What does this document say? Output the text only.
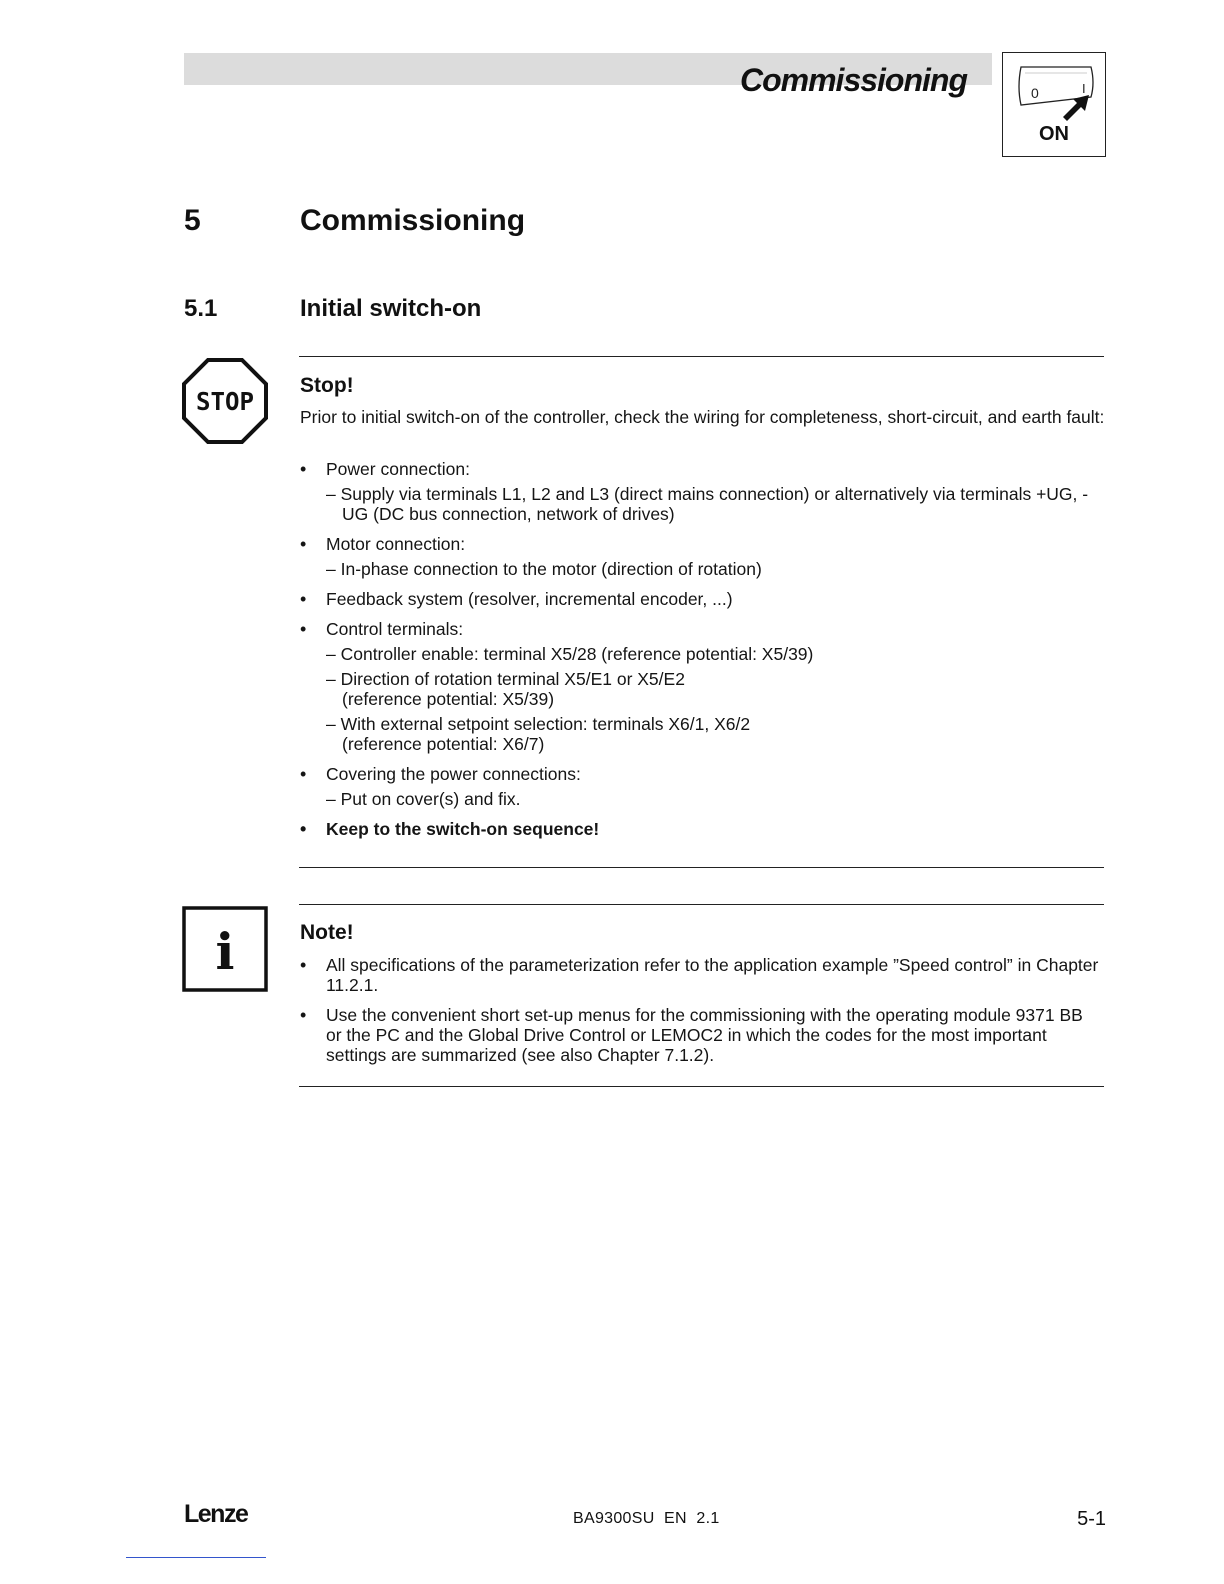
Commissioning	0	I
ON
5	Commissioning
5.1	Initial switch-on
STOP
Stop!
Prior to initial switch-on of the controller, check the wiring for completeness, short-circuit, and earth fault:
• Power connection:
– Supply via terminals L1, L2 and L3 (direct mains connection) or alternatively via terminals +UG, -UG (DC bus connection, network of drives)
• Motor connection:
– In-phase connection to the motor (direction of rotation)
• Feedback system (resolver, incremental encoder, ...)
• Control terminals:
– Controller enable: terminal X5/28 (reference potential: X5/39)
– Direction of rotation terminal X5/E1 or X5/E2 (reference potential: X5/39)
– With external setpoint selection: terminals X6/1, X6/2 (reference potential: X6/7)
• Covering the power connections:
– Put on cover(s) and fix.
• Keep to the switch-on sequence!
i	Note!
• All specifications of the parameterization refer to the application example ”Speed control” in Chapter 11.2.1.
• Use the convenient short set-up menus for the commissioning with the operating module 9371 BB or the PC and the Global Drive Control or LEMOC2 in which the codes for the most important settings are summarized (see also Chapter 7.1.2).
Lenze	BA9300SU  EN  2.1	5-1
